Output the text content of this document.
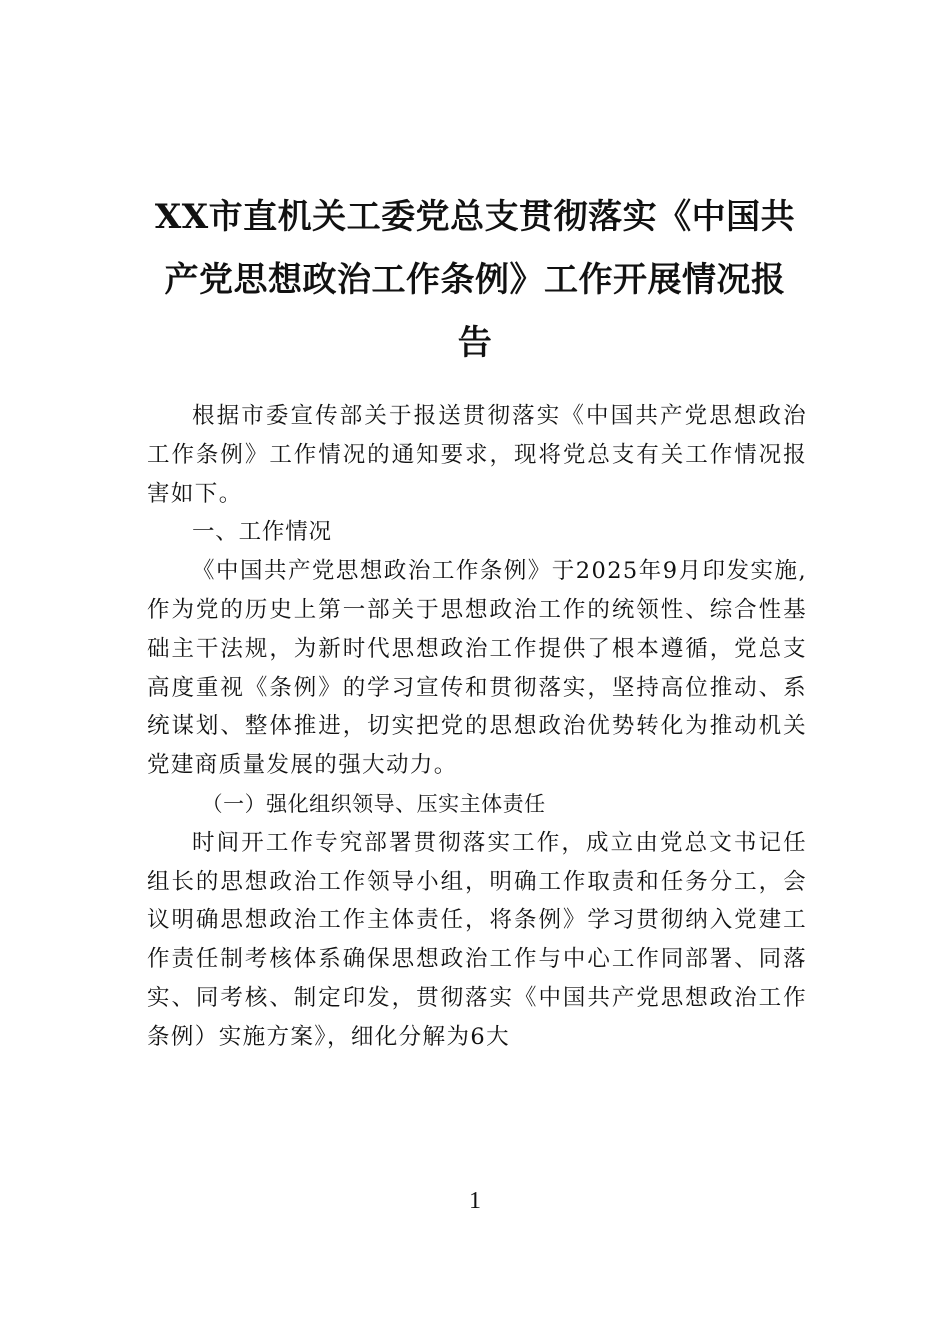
XX市直机关工委党总支贯彻落实《中国共
产党思想政治工作条例》工作开展情况报
告

根据市委宣传部关于报送贯彻落实《中国共产党思想政治工作条例》工作情况的通知要求，现将党总支有关工作情况报害如下。

一、工作情况

《中国共产党思想政治工作条例》于2025年9月印发实施,作为党的历史上第一部关于思想政治工作的统领性、综合性基础主干法规，为新时代思想政治工作提供了根本遵循，党总支高度重视《条例》的学习宣传和贯彻落实，坚持高位推动、系统谋划、整体推进，切实把党的思想政治优势转化为推动机关党建商质量发展的强大动力。

（一）强化组织领导、压实主体责任

时间开工作专究部署贯彻落实工作，成立由党总文书记任组长的思想政治工作领导小组，明确工作取责和任务分工，会议明确思想政治工作主体责任，将条例》学习贯彻纳入党建工作责任制考核体系确保思想政治工作与中心工作同部署、同落实、同考核、制定印发，贯彻落实《中国共产党思想政治工作条例）实施方案》，细化分解为6大

1
